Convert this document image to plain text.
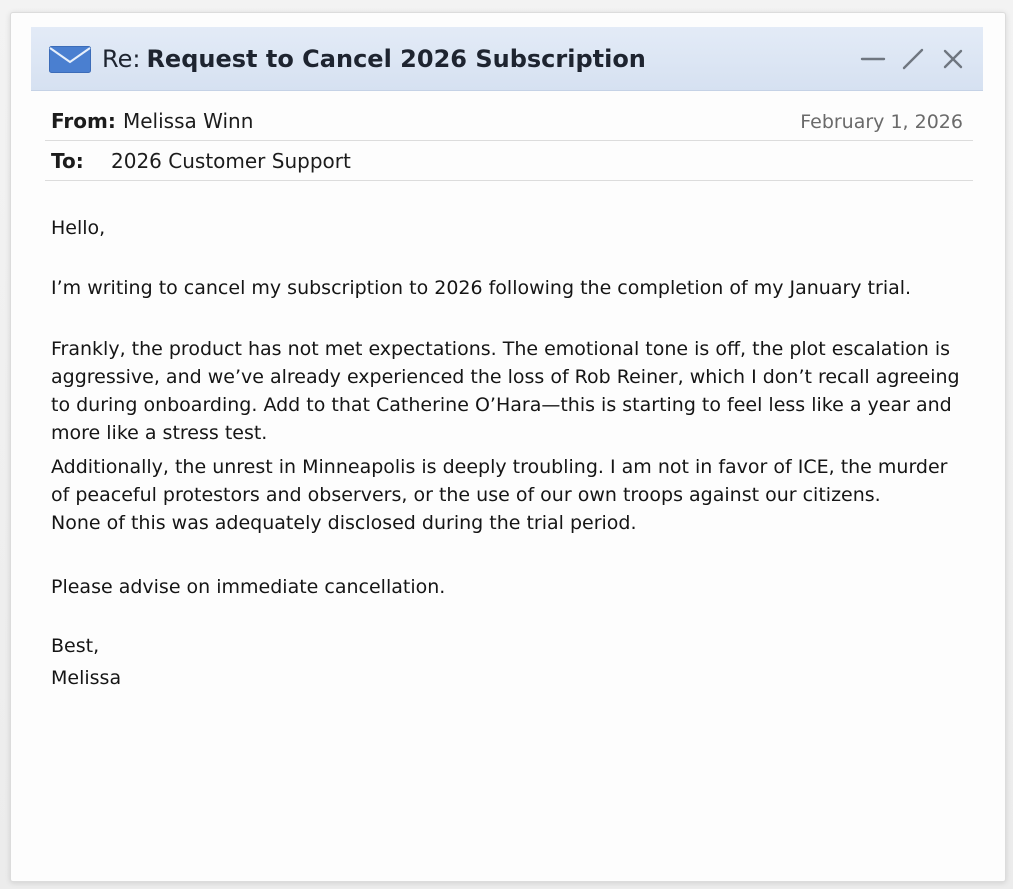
Re: Request to Cancel 2026 Subscription
From: Melissa Winn	February 1, 2026
To: 2026 Customer Support

Hello,

I’m writing to cancel my subscription to 2026 following the completion of my January trial.

Frankly, the product has not met expectations. The emotional tone is off, the plot escalation is aggressive, and we’ve already experienced the loss of Rob Reiner, which I don’t recall agreeing to during onboarding. Add to that Catherine O’Hara—this is starting to feel less like a year and more like a stress test.

Additionally, the unrest in Minneapolis is deeply troubling. I am not in favor of ICE, the murder of peaceful protestors and observers, or the use of our own troops against our citizens.
None of this was adequately disclosed during the trial period.

Please advise on immediate cancellation.

Best,

Melissa
